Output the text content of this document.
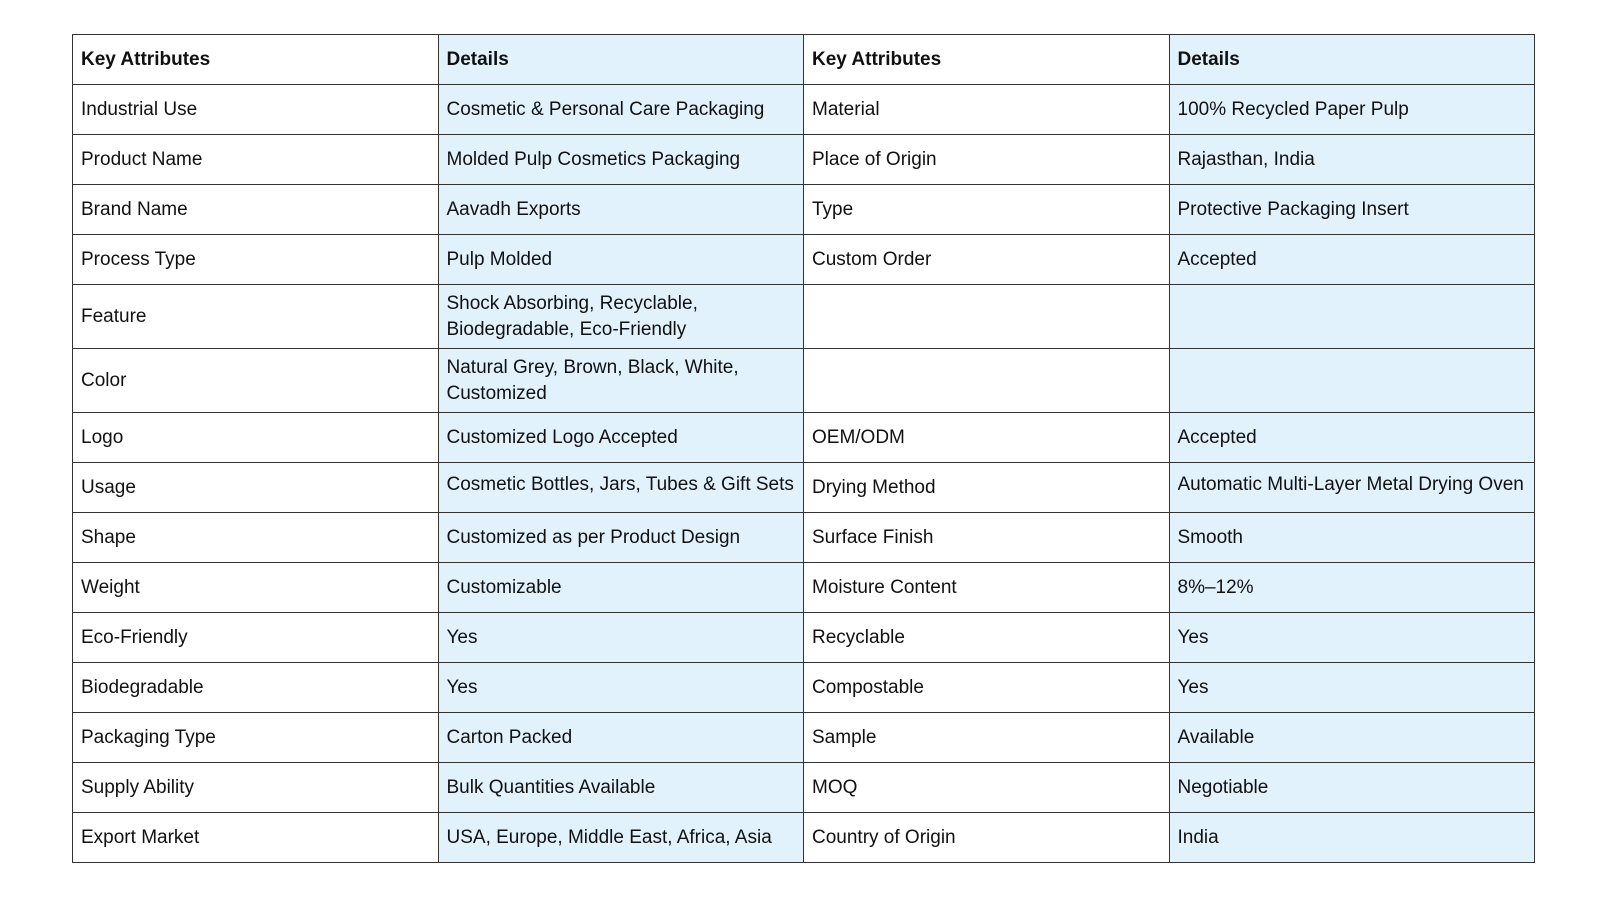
Key Attributes	Details	Key Attributes	Details
Industrial Use	Cosmetic & Personal Care Packaging	Material	100% Recycled Paper Pulp
Product Name	Molded Pulp Cosmetics Packaging	Place of Origin	Rajasthan, India
Brand Name	Aavadh Exports	Type	Protective Packaging Insert
Process Type	Pulp Molded	Custom Order	Accepted
Feature	Shock Absorbing, Recyclable, Biodegradable, Eco-Friendly		
Color	Natural Grey, Brown, Black, White, Customized		
Logo	Customized Logo Accepted	OEM/ODM	Accepted
Usage	Cosmetic Bottles, Jars, Tubes & Gift Sets	Drying Method	Automatic Multi-Layer Metal Drying Oven

Shape	Customized as per Product Design	Surface Finish	Smooth
Weight	Customizable	Moisture Content	8%–12%
Eco-Friendly	Yes	Recyclable	Yes
Biodegradable	Yes	Compostable	Yes
Packaging Type	Carton Packed	Sample	Available
Supply Ability	Bulk Quantities Available	MOQ	Negotiable
Export Market	USA, Europe, Middle East, Africa, Asia	Country of Origin	India
